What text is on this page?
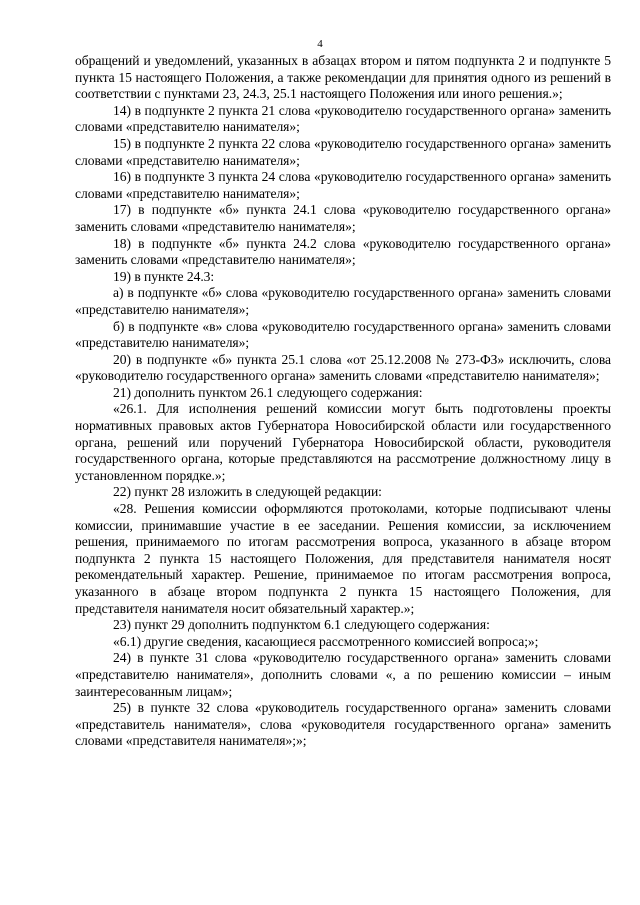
4

обращений и уведомлений, указанных в абзацах втором и пятом подпункта 2 и подпункте 5 пункта 15 настоящего Положения, а также рекомендации для принятия одного из решений в соответствии с пунктами 23, 24.3, 25.1 настоящего Положения или иного решения.»;

14) в подпункте 2 пункта 21 слова «руководителю государственного органа» заменить словами «представителю нанимателя»;

15) в подпункте 2 пункта 22 слова «руководителю государственного органа» заменить словами «представителю нанимателя»;

16) в подпункте 3 пункта 24 слова «руководителю государственного органа» заменить словами «представителю нанимателя»;

17) в подпункте «б» пункта 24.1 слова «руководителю государственного органа» заменить словами «представителю нанимателя»;

18) в подпункте «б» пункта 24.2 слова «руководителю государственного органа» заменить словами «представителю нанимателя»;

19) в пункте 24.3:

а) в подпункте «б» слова «руководителю государственного органа» заменить словами «представителю нанимателя»;

б) в подпункте «в» слова «руководителю государственного органа» заменить словами «представителю нанимателя»;

20) в подпункте «б» пункта 25.1 слова «от 25.12.2008 № 273-ФЗ» исключить, слова «руководителю государственного органа» заменить словами «представителю нанимателя»;

21) дополнить пунктом 26.1 следующего содержания:

«26.1. Для исполнения решений комиссии могут быть подготовлены проекты нормативных правовых актов Губернатора Новосибирской области или государственного органа, решений или поручений Губернатора Новосибирской области, руководителя государственного органа, которые представляются на рассмотрение должностному лицу в установленном порядке.»;

22) пункт 28 изложить в следующей редакции:

«28. Решения комиссии оформляются протоколами, которые подписывают члены комиссии, принимавшие участие в ее заседании. Решения комиссии, за исключением решения, принимаемого по итогам рассмотрения вопроса, указанного в абзаце втором подпункта 2 пункта 15 настоящего Положения, для представителя нанимателя носят рекомендательный характер. Решение, принимаемое по итогам рассмотрения вопроса, указанного в абзаце втором подпункта 2 пункта 15 настоящего Положения, для представителя нанимателя носит обязательный характер.»;

23) пункт 29 дополнить подпунктом 6.1 следующего содержания:

«6.1) другие сведения, касающиеся рассмотренного комиссией вопроса;»;

24) в пункте 31 слова «руководителю государственного органа» заменить словами «представителю нанимателя», дополнить словами «, а по решению комиссии – иным заинтересованным лицам»;

25) в пункте 32 слова «руководитель государственного органа» заменить словами «представитель нанимателя», слова «руководителя государственного органа» заменить словами «представителя нанимателя»;»;
